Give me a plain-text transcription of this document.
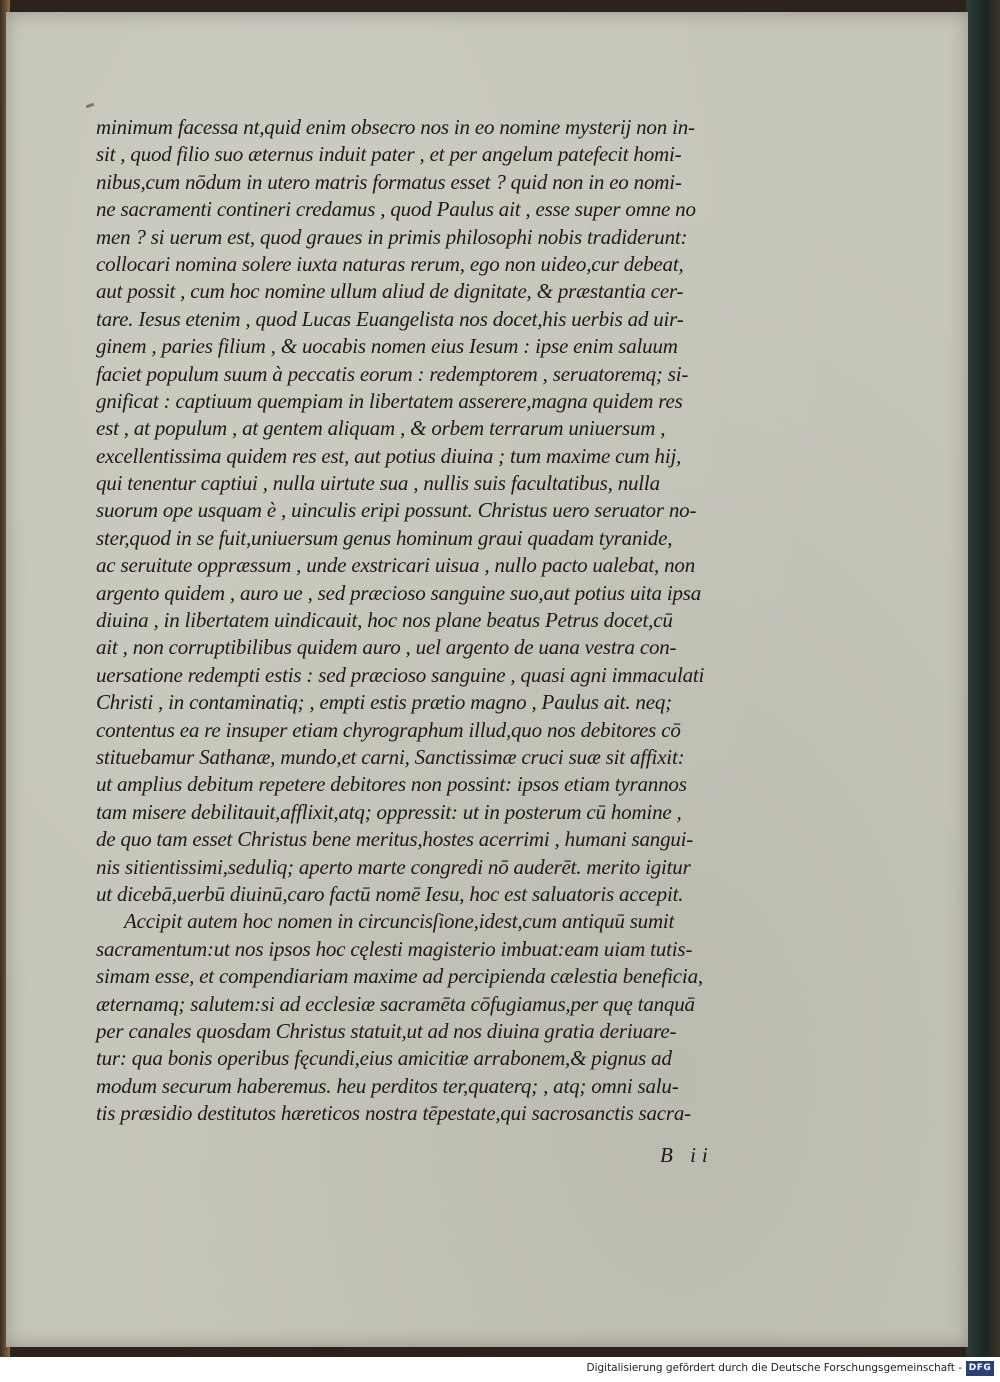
minimum facessa nt,quid enim obsecro nos in eo nomine mysterij non in-
sit , quod filio suo æternus induit pater , et per angelum patefecit homi-
nibus,cum nōdum in utero matris formatus esset ? quid non in eo nomi-
ne sacramenti contineri credamus , quod Paulus ait , esse super omne no
men ? si uerum est, quod graues in primis philosophi nobis tradiderunt:
collocari nomina solere iuxta naturas rerum, ego non uideo,cur debeat,
aut possit , cum hoc nomine ullum aliud de dignitate, & præstantia cer-
tare. Iesus etenim , quod Lucas Euangelista nos docet,his uerbis ad uir-
ginem , paries filium , & uocabis nomen eius Iesum : ipse enim saluum
faciet populum suum à peccatis eorum : redemptorem , seruatoremq; si-
gnificat : captiuum quempiam in libertatem asserere,magna quidem res
est , at populum , at gentem aliquam , & orbem terrarum uniuersum ,
excellentissima quidem res est, aut potius diuina ; tum maxime cum hij,
qui tenentur captiui , nulla uirtute sua , nullis suis facultatibus, nulla
suorum ope usquam è , uinculis eripi possunt. Christus uero seruator no-
ster,quod in se fuit,uniuersum genus hominum graui quadam tyranide,
ac seruitute oppræssum , unde exstricari uisua , nullo pacto ualebat, non
argento quidem , auro ue , sed præcioso sanguine suo,aut potius uita ipsa
diuina , in libertatem uindicauit, hoc nos plane beatus Petrus docet,cū
ait , non corruptibilibus quidem auro , uel argento de uana vestra con-
uersatione redempti estis : sed præcioso sanguine , quasi agni immaculati
Christi , in contaminatiq; , empti estis prætio magno , Paulus ait. neq;
contentus ea re insuper etiam chyrographum illud,quo nos debitores cō
stituebamur Sathanæ, mundo,et carni, Sanctissimæ cruci suæ sit affixit:
ut amplius debitum repetere debitores non possint: ipsos etiam tyrannos
tam misere debilitauit,afflixit,atq; oppressit: ut in posterum cū homine ,
de quo tam esset Christus bene meritus,hostes acerrimi , humani sangui-
nis sitientissimi,seduliq; aperto marte congredi nō auderēt. merito igitur
ut dicebā,uerbū diuinū,caro factū nomē Iesu, hoc est saluatoris accepit.
Accipit autem hoc nomen in circuncisſione,idest,cum antiquū sumit
sacramentum:ut nos ipsos hoc cęlesti magisterio imbuat:eam uiam tutis-
simam esse, et compendiariam maxime ad percipienda cælestia beneficia,
æternamq; salutem:si ad ecclesiæ sacramēta cōfugiamus,per quę tanquā
per canales quosdam Christus statuit,ut ad nos diuina gratia deriuare-
tur: qua bonis operibus fęcundi,eius amicitiæ arrabonem,& pignus ad
modum securum haberemus. heu perditos ter,quaterq; , atq; omni salu-
tis præsidio destitutos hæreticos nostra tēpestate,qui sacrosanctis sacra-
B ii
Digitalisierung gefördert durch die Deutsche Forschungsgemeinschaft - DFG
